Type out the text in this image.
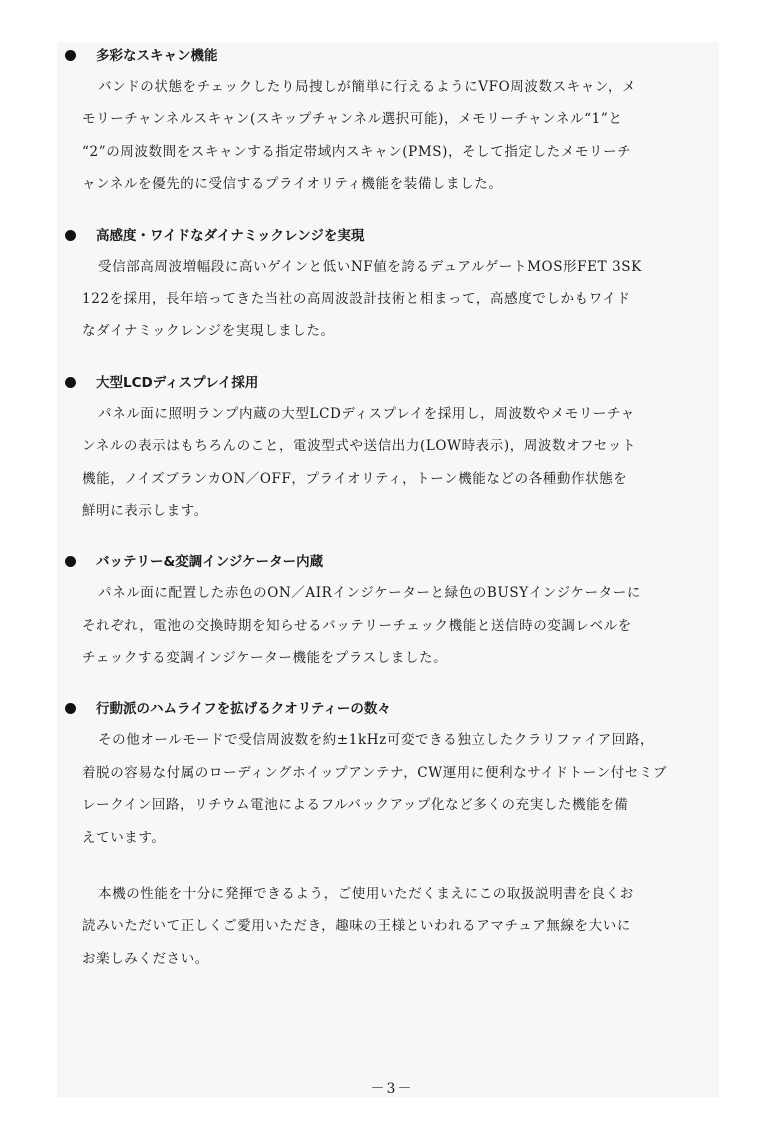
多彩なスキャン機能
バンドの状態をチェックしたり局捜しが簡単に行えるようにVFO周波数スキャン，メ
モリーチャンネルスキャン(スキップチャンネル選択可能)，メモリーチャンネル“1”と
“2”の周波数間をスキャンする指定帯域内スキャン(PMS)，そして指定したメモリーチ
ャンネルを優先的に受信するプライオリティ機能を装備しました。
高感度・ワイドなダイナミックレンジを実現
受信部高周波増幅段に高いゲインと低いNF値を誇るデュアルゲートMOS形FET 3SK
122を採用，長年培ってきた当社の高周波設計技術と相まって，高感度でしかもワイド
なダイナミックレンジを実現しました。
大型LCDディスプレイ採用
パネル面に照明ランプ内蔵の大型LCDディスプレイを採用し，周波数やメモリーチャ
ンネルの表示はもちろんのこと，電波型式や送信出力(LOW時表示)，周波数オフセット
機能，ノイズブランカON／OFF，プライオリティ，トーン機能などの各種動作状態を
鮮明に表示します。
バッテリー&変調インジケーター内蔵
パネル面に配置した赤色のON／AIRインジケーターと緑色のBUSYインジケーターに
それぞれ，電池の交換時期を知らせるバッテリーチェック機能と送信時の変調レベルを
チェックする変調インジケーター機能をプラスしました。
行動派のハムライフを拡げるクオリティーの数々
その他オールモードで受信周波数を約±1kHz可変できる独立したクラリファイア回路，
着脱の容易な付属のローディングホイップアンテナ，CW運用に便利なサイドトーン付セミブ
レークイン回路，リチウム電池によるフルバックアップ化など多くの充実した機能を備
えています。
本機の性能を十分に発揮できるよう，ご使用いただくまえにこの取扱説明書を良くお
読みいただいて正しくご愛用いただき，趣味の王様といわれるアマチュア無線を大いに
お楽しみください。
－3－
